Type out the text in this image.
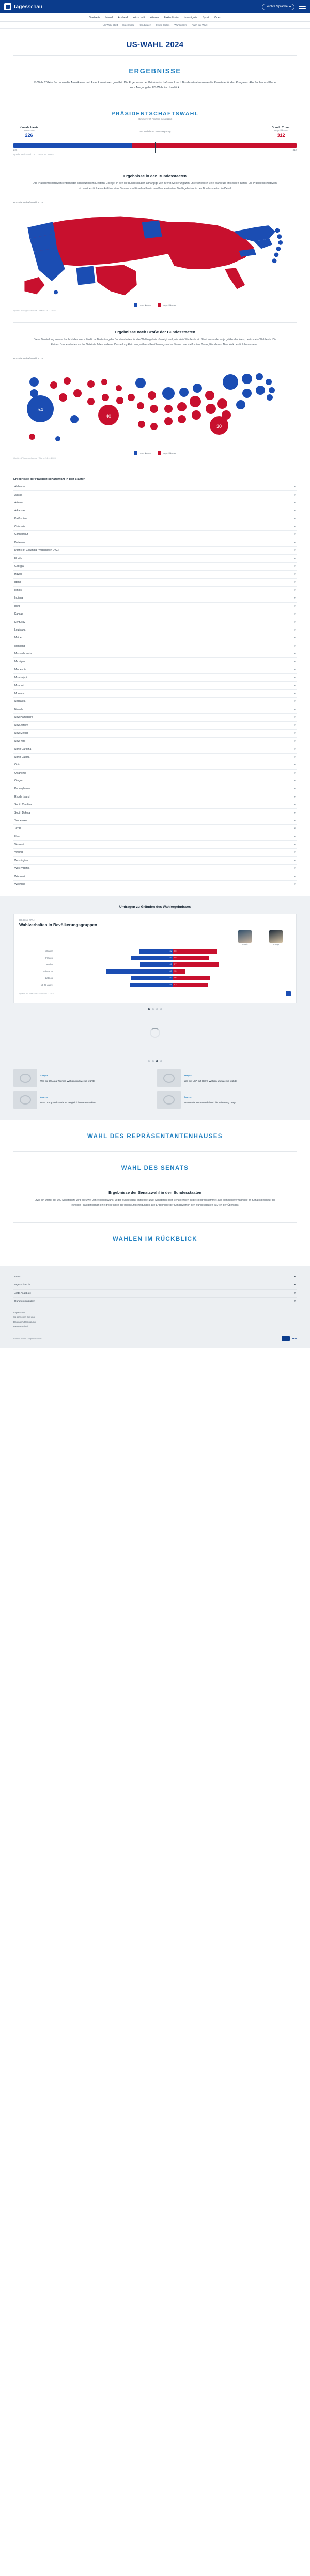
tagesschau	Leichte Sprache ▾
Startseite Inland Ausland Wirtschaft Wissen Faktenfinder Investigativ Sport Video
US-Wahl 2024 Ergebnisse Kandidaten Swing States Wahlsystem Nach der Wahl
US-WAHL 2024
ERGEBNISSE
US-Wahl 2024 – So haben die Amerikaner und Amerikanerinnen gewählt: Die Ergebnisse der Präsidentschaftswahl nach Bundesstaaten sowie die Resultate für den Kongress. Alle Zahlen und Karten zum Ausgang der US-Wahl im Überblick.
PRÄSIDENTSCHAFTSWAHL
Stimmen: 97 Prozent ausgezählt
Kamala Harris
Demokraten
226
270 Wahlleute zum Sieg nötig
Donald Trump
Republikaner
312
226	312
Quelle: AP / Stand: 14.11.2024, 10:30 Uhr
Ergebnisse in den Bundesstaaten
Das Präsidentschaftswahl entscheidet sich letztlich im Electoral College: In den die Bundesstaaten abhängige von ihrer Bevölkerungszahl unterschiedlich viele Wahlleute entsenden dürfen. Die Präsidentschaftswahl ist damit letztlich eine Addition einer Summe von Einzelwahlen in den Bundesstaaten. Die Ergebnisse in den Bundesstaaten im Detail.
Präsidentschaftswahl 2024
Demokraten	Republikaner
Quelle: AP/tagesschau.de / Stand: 14.11.2024
Ergebnisse nach Größe der Bundesstaaten
Diese Darstellung veranschaulicht die unterschiedliche Bedeutung der Bundesstaaten für das Wahlergebnis: Gezeigt wird, wie viele Wahlleute ein Staat entsendet — je größer der Kreis, desto mehr Wahlleute. Die kleinen Bundesstaaten an der Ostküste fallen in dieser Darstellung klein aus, während bevölkerungsreiche Staaten wie Kalifornien, Texas, Florida und New York deutlich hervortreten.
Präsidentschaftswahl 2024
54
40
30
Demokraten	Republikaner
Quelle: AP/tagesschau.de / Stand: 14.11.2024
Ergebnisse der Präsidentschaftswahl in den Staaten
Alabama	▾
Alaska	▾
Arizona	▾
Arkansas	▾
Kalifornien	▾
Colorado	▾
Connecticut	▾
Delaware	▾
District of Columbia (Washington D.C.)	▾
Florida	▾
Georgia	▾
Hawaii	▾
Idaho	▾
Illinois	▾
Indiana	▾
Iowa	▾
Kansas	▾
Kentucky	▾
Louisiana	▾
Maine	▾
Maryland	▾
Massachusetts	▾
Michigan	▾
Minnesota	▾
Mississippi	▾
Missouri	▾
Montana	▾
Nebraska	▾
Nevada	▾
New Hampshire	▾
New Jersey	▾
New Mexico	▾
New York	▾
North Carolina	▾
North Dakota	▾
Ohio	▾
Oklahoma	▾
Oregon	▾
Pennsylvania	▾
Rhode Island	▾
South Carolina	▾
South Dakota	▾
Tennessee	▾
Texas	▾
Utah	▾
Vermont	▾
Virginia	▾
Washington	▾
West Virginia	▾
Wisconsin	▾
Wyoming	▾
Umfragen zu Gründen des Wahlergebnisses
US-Wahl 2024
Wahlverhalten in Bevölkerungsgruppen
Harris	Trump
Männer	42 55
Frauen	53 45
Weiße	41 57
Schwarze	83 15
Latinos	52 46
18-29 Jahre	54 43
Quelle: AP VoteCast / Stand: 08.11.2024
Analyse
Wie die USA auf Trumps Wahlen und wie sie wählte
Analyse
Wie die USA auf Harris Wahlen und wie sie wählte
Analyse
Was Trump und Harris im Vergleich bewerten wollen
Analyse
Warum der USA Wandel und die Stimmung prägt
WAHL DES REPRÄSENTANTENHAUSES
WAHL DES SENATS
Ergebnisse der Senatswahl in den Bundesstaaten
Etwa ein Drittel der 100 Senatssitze wird alle zwei Jahre neu gewählt. Jeder Bundesstaat entsendet zwei Senatoren oder Senatorinnen in die Kongresskammer. Die Mehrheitsverhältnisse im Senat spielen für die jeweilige Präsidentschaft eine große Rolle bei vielen Entscheidungen. Die Ergebnisse der Senatswahl in den Bundesstaaten 2024 in der Übersicht.
WAHLEN IM RÜCKBLICK
Inland	▾
tagesschau.de	▾
ARD-Angebote	▾
Rundfunkanstalten	▾
Impressum
So erreichen Sie uns
Datenschutzerklärung
Barrierefreiheit
© ARD-aktuell / tagesschau.de	ARD
